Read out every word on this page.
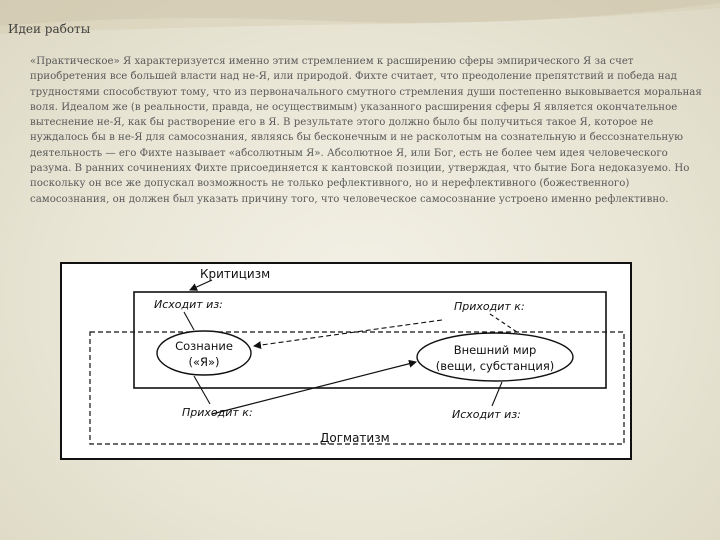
Идеи работы

«Практическое» Я характеризуется именно этим стремлением к расширению сферы эмпирического Я за счет приобретения все большей власти над не-Я, или природой. Фихте считает, что преодоление препятствий и победа над трудностями способствуют тому, что из первоначального смутного стремления души постепенно выковывается моральная воля. Идеалом же (в реальности, правда, не осуществимым) указанного расширения сферы Я является окончательное вытеснение не-Я, как бы растворение его в Я. В результате этого должно было бы получиться такое Я, которое не нуждалось бы в не-Я для самосознания, являясь бы бесконечным и не расколотым на сознательную и бессознательную деятельность — его Фихте называет «абсолютным Я». Абсолютное Я, или Бог, есть не более чем идея человеческого разума. В ранних сочинениях Фихте присоединяется к кантовской позиции, утверждая, что бытие Бога недоказуемо. Но поскольку он все же допускал возможность не только рефлективного, но и нерефлективного (божественного) самосознания, он должен был указать причину того, что человеческое самосознание устроено именно рефлективно.

Критицизм
Исходит из:	Приходит к:
Сознание
(«Я»)
Внешний мир
(вещи, субстанция)
Приходит к:	Исходит из:
Догматизм
